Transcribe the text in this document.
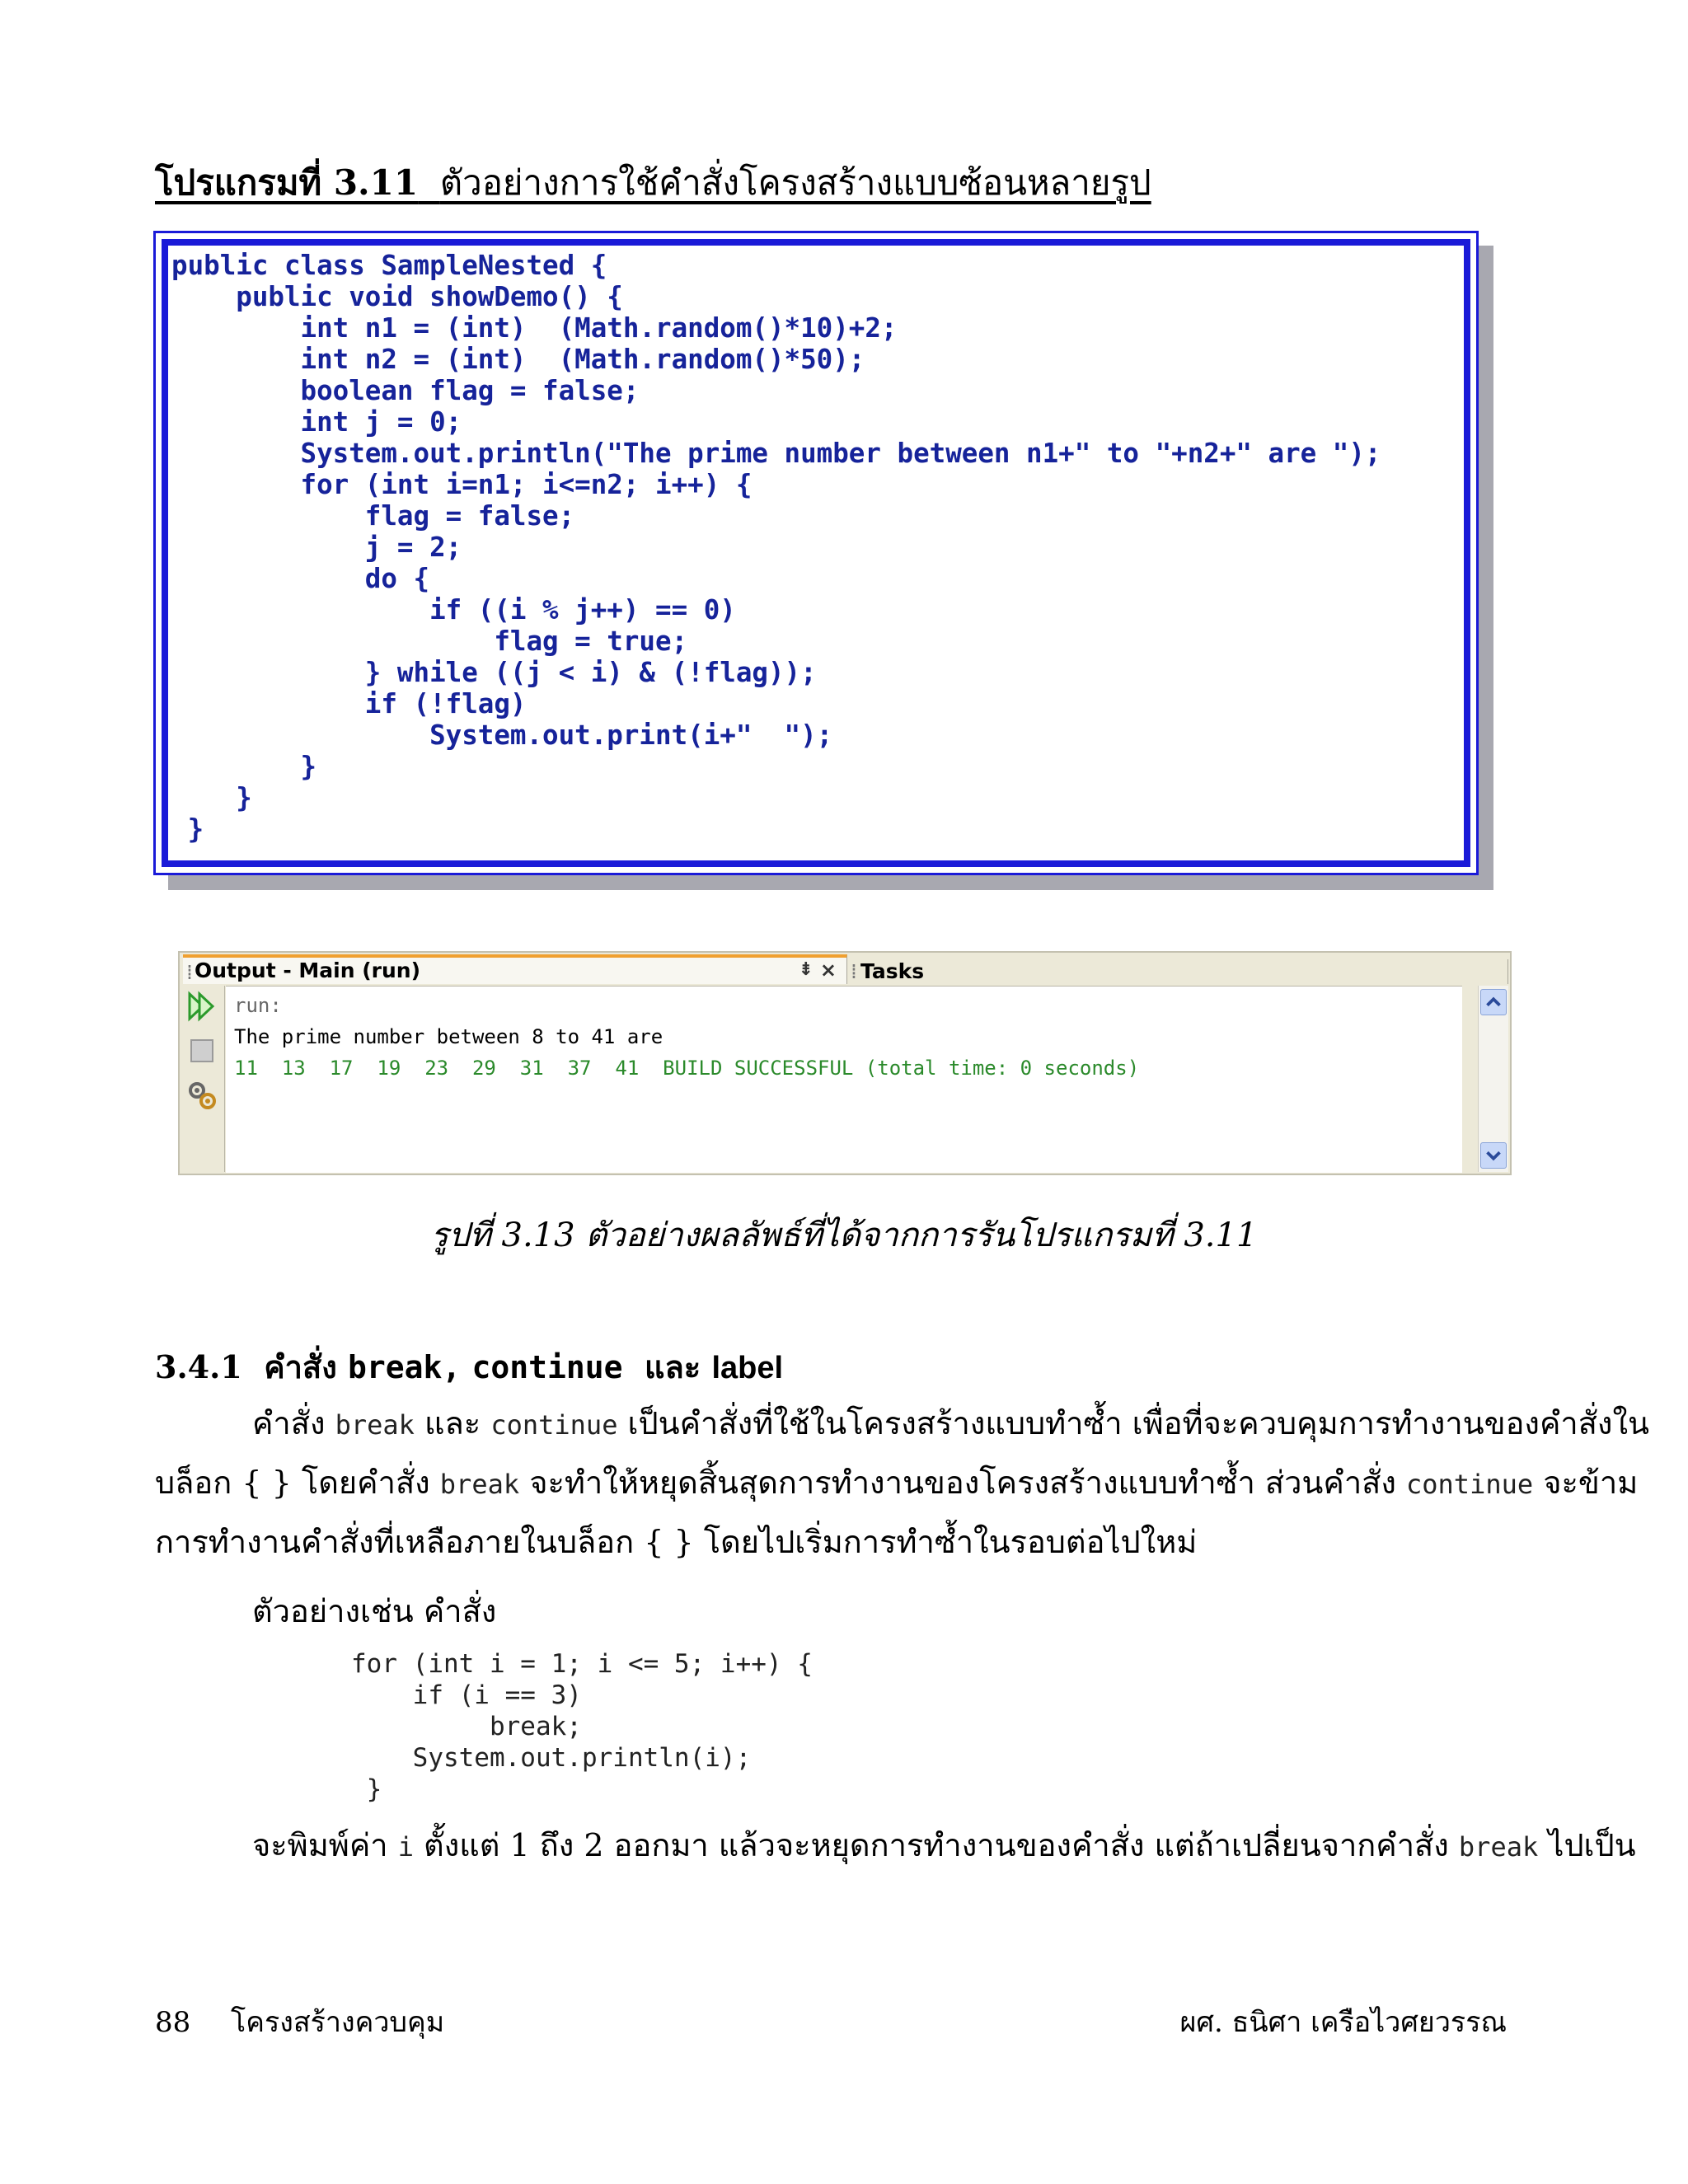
โปรแกรมที่ 3.11 ตัวอย่างการใช้คำสั่งโครงสร้างแบบซ้อนหลายรูป
public class SampleNested {
public void showDemo() {
int n1 = (int)  (Math.random()*10)+2;
int n2 = (int)  (Math.random()*50);
boolean flag = false;
int j = 0;
System.out.println("The prime number between n1+" to "+n2+" are ");
for (int i=n1; i<=n2; i++) {
flag = false;
j = 2;
do {
if ((i % j++) == 0)
flag = true;
} while ((j < i) & (!flag));
if (!flag)
System.out.print(i+"  ");
}
}
}
⁞ Output - Main (run)	⇟ × ⁞ Tasks
run:
The prime number between 8 to 41 are
11  13  17  19  23  29  31  37  41  BUILD SUCCESSFUL (total time: 0 seconds)
รูปที่ 3.13 ตัวอย่างผลลัพธ์ที่ได้จากการรันโปรแกรมที่ 3.11
3.4.1 คำสั่ง break, continue และ label
คำสั่ง break และ continue เป็นคำสั่งที่ใช้ในโครงสร้างแบบทำซ้ำ เพื่อที่จะควบคุมการทำงานของคำสั่งใน
บล็อก { } โดยคำสั่ง break จะทำให้หยุดสิ้นสุดการทำงานของโครงสร้างแบบทำซ้ำ ส่วนคำสั่ง continue จะข้าม
การทำงานคำสั่งที่เหลือภายในบล็อก { } โดยไปเริ่มการทำซ้ำในรอบต่อไปใหม่
ตัวอย่างเช่น คำสั่ง
for (int i = 1; i <= 5; i++) {
if (i == 3)
break;
System.out.println(i);
}
จะพิมพ์ค่า i ตั้งแต่ 1 ถึง 2 ออกมา แล้วจะหยุดการทำงานของคำสั่ง แต่ถ้าเปลี่ยนจากคำสั่ง break ไปเป็น
88 โครงสร้างควบคุม	ผศ. ธนิศา เครือไวศยวรรณ
